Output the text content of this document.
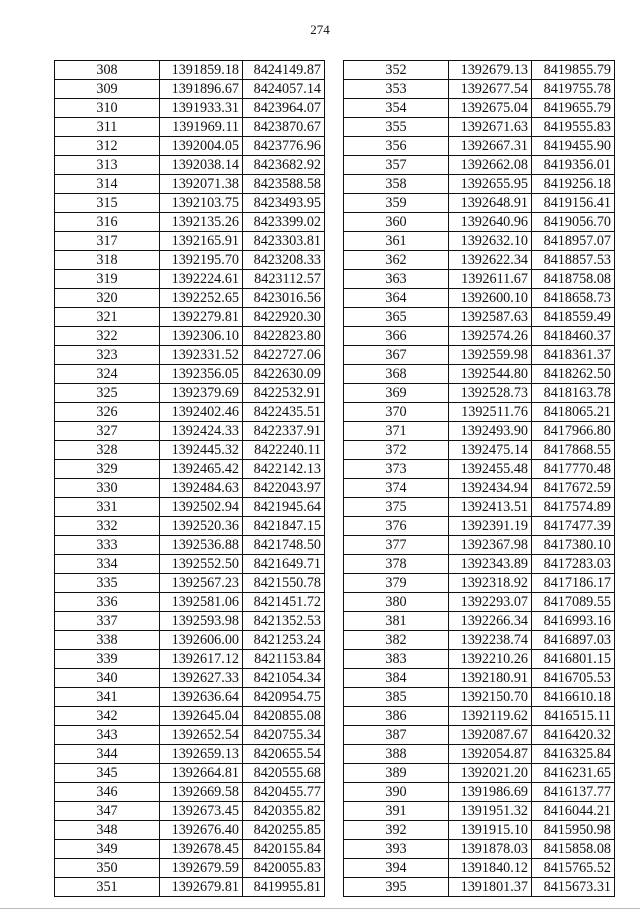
274
308	1391859.18	8424149.87
309	1391896.67	8424057.14
310	1391933.31	8423964.07
311	1391969.11	8423870.67
312	1392004.05	8423776.96
313	1392038.14	8423682.92
314	1392071.38	8423588.58
315	1392103.75	8423493.95
316	1392135.26	8423399.02
317	1392165.91	8423303.81
318	1392195.70	8423208.33
319	1392224.61	8423112.57
320	1392252.65	8423016.56
321	1392279.81	8422920.30
322	1392306.10	8422823.80
323	1392331.52	8422727.06
324	1392356.05	8422630.09
325	1392379.69	8422532.91
326	1392402.46	8422435.51
327	1392424.33	8422337.91
328	1392445.32	8422240.11
329	1392465.42	8422142.13
330	1392484.63	8422043.97
331	1392502.94	8421945.64
332	1392520.36	8421847.15
333	1392536.88	8421748.50
334	1392552.50	8421649.71
335	1392567.23	8421550.78
336	1392581.06	8421451.72
337	1392593.98	8421352.53
338	1392606.00	8421253.24
339	1392617.12	8421153.84
340	1392627.33	8421054.34
341	1392636.64	8420954.75
342	1392645.04	8420855.08
343	1392652.54	8420755.34
344	1392659.13	8420655.54
345	1392664.81	8420555.68
346	1392669.58	8420455.77
347	1392673.45	8420355.82
348	1392676.40	8420255.85
349	1392678.45	8420155.84
350	1392679.59	8420055.83
351	1392679.81	8419955.81
352	1392679.13	8419855.79
353	1392677.54	8419755.78
354	1392675.04	8419655.79
355	1392671.63	8419555.83
356	1392667.31	8419455.90
357	1392662.08	8419356.01
358	1392655.95	8419256.18
359	1392648.91	8419156.41
360	1392640.96	8419056.70
361	1392632.10	8418957.07
362	1392622.34	8418857.53
363	1392611.67	8418758.08
364	1392600.10	8418658.73
365	1392587.63	8418559.49
366	1392574.26	8418460.37
367	1392559.98	8418361.37
368	1392544.80	8418262.50
369	1392528.73	8418163.78
370	1392511.76	8418065.21
371	1392493.90	8417966.80
372	1392475.14	8417868.55
373	1392455.48	8417770.48
374	1392434.94	8417672.59
375	1392413.51	8417574.89
376	1392391.19	8417477.39
377	1392367.98	8417380.10
378	1392343.89	8417283.03
379	1392318.92	8417186.17
380	1392293.07	8417089.55
381	1392266.34	8416993.16
382	1392238.74	8416897.03
383	1392210.26	8416801.15
384	1392180.91	8416705.53
385	1392150.70	8416610.18
386	1392119.62	8416515.11
387	1392087.67	8416420.32
388	1392054.87	8416325.84
389	1392021.20	8416231.65
390	1391986.69	8416137.77
391	1391951.32	8416044.21
392	1391915.10	8415950.98
393	1391878.03	8415858.08
394	1391840.12	8415765.52
395	1391801.37	8415673.31
